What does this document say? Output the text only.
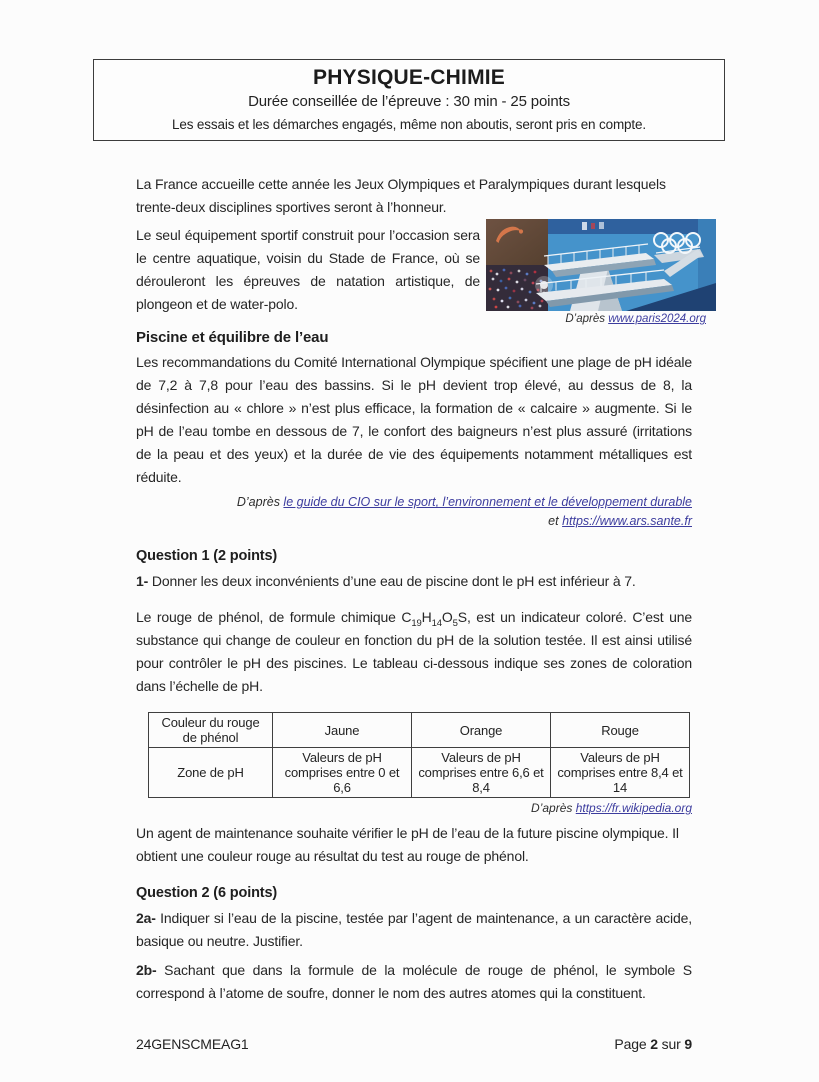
PHYSIQUE-CHIMIE
Durée conseillée de l’épreuve : 30 min - 25 points
Les essais et les démarches engagés, même non aboutis, seront pris en compte.

La France accueille cette année les Jeux Olympiques et Paralympiques durant lesquels trente-deux disciplines sportives seront à l’honneur.

Le seul équipement sportif construit pour l’occasion sera le centre aquatique, voisin du Stade de France, où se dérouleront les épreuves de natation artistique, de plongeon et de water-polo.

D’après www.paris2024.org
Piscine et équilibre de l’eau

Les recommandations du Comité International Olympique spécifient une plage de pH idéale de 7,2 à 7,8 pour l’eau des bassins. Si le pH devient trop élevé, au dessus de 8, la désinfection au « chlore » n’est plus efficace, la formation de « calcaire » augmente. Si le pH de l’eau tombe en dessous de 7, le confort des baigneurs n’est plus assuré (irritations de la peau et des yeux) et la durée de vie des équipements notamment métalliques est réduite.

D’après le guide du CIO sur le sport, l’environnement et le développement durable
et https://www.ars.sante.fr

Question 1 (2 points)

1- Donner les deux inconvénients d’une eau de piscine dont le pH est inférieur à 7.

Le rouge de phénol, de formule chimique $C_{19}H_{14}O_5S$, est un indicateur coloré. C’est une substance qui change de couleur en fonction du pH de la solution testée. Il est ainsi utilisé pour contrôler le pH des piscines. Le tableau ci-dessous indique ses zones de coloration dans l’échelle de pH.

Couleur du rouge de phénol	Jaune	Orange	Rouge
Zone de pH	Valeurs de pH comprises entre 0 et 6,6	Valeurs de pH comprises entre 6,6 et 8,4	Valeurs de pH comprises entre 8,4 et 14
D’après https://fr.wikipedia.org

Un agent de maintenance souhaite vérifier le pH de l’eau de la future piscine olympique. Il obtient une couleur rouge au résultat du test au rouge de phénol.

Question 2 (6 points)

2a- Indiquer si l’eau de la piscine, testée par l’agent de maintenance, a un caractère acide, basique ou neutre. Justifier.

2b- Sachant que dans la formule de la molécule de rouge de phénol, le symbole S correspond à l’atome de soufre, donner le nom des autres atomes qui la constituent.

24GENSCMEAG1	Page 2 sur 9
